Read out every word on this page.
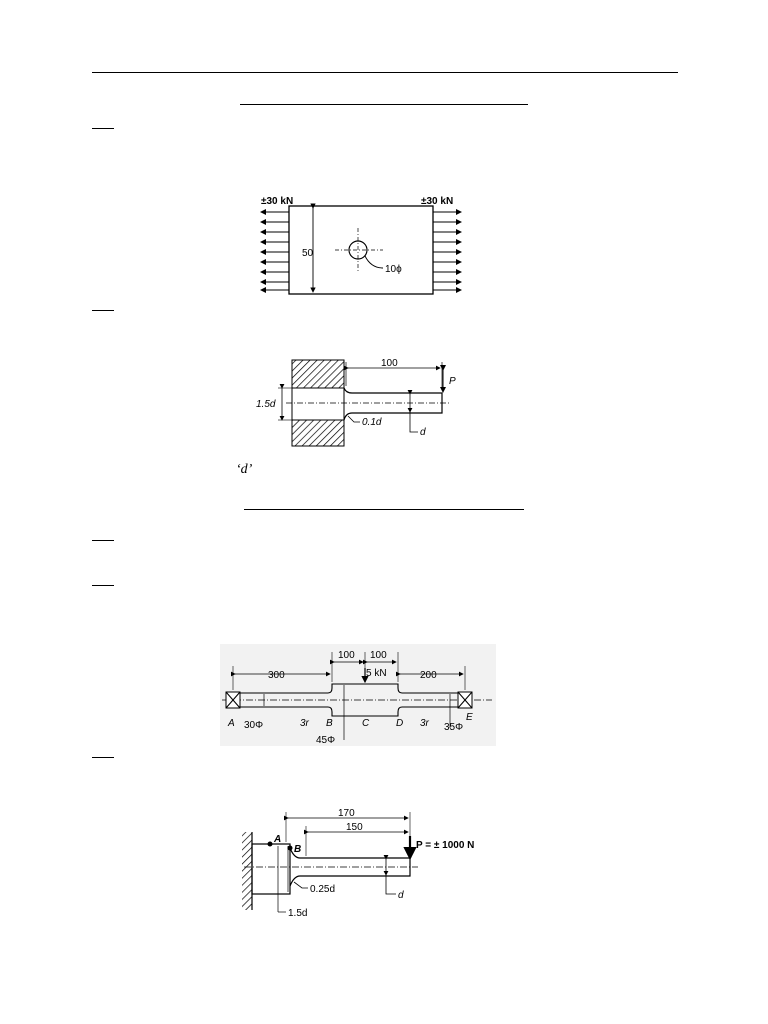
±30 kN	±30 kN
50
10ϕ
100
P
1.5d
0.1d
d
‘d’
300
100 100
200
5 kN
A 30Φ	3r B	C	D 3r
E
35Φ
45Φ
170
150
P = ± 1000 N
A
B
0.25d
1.5d
d
